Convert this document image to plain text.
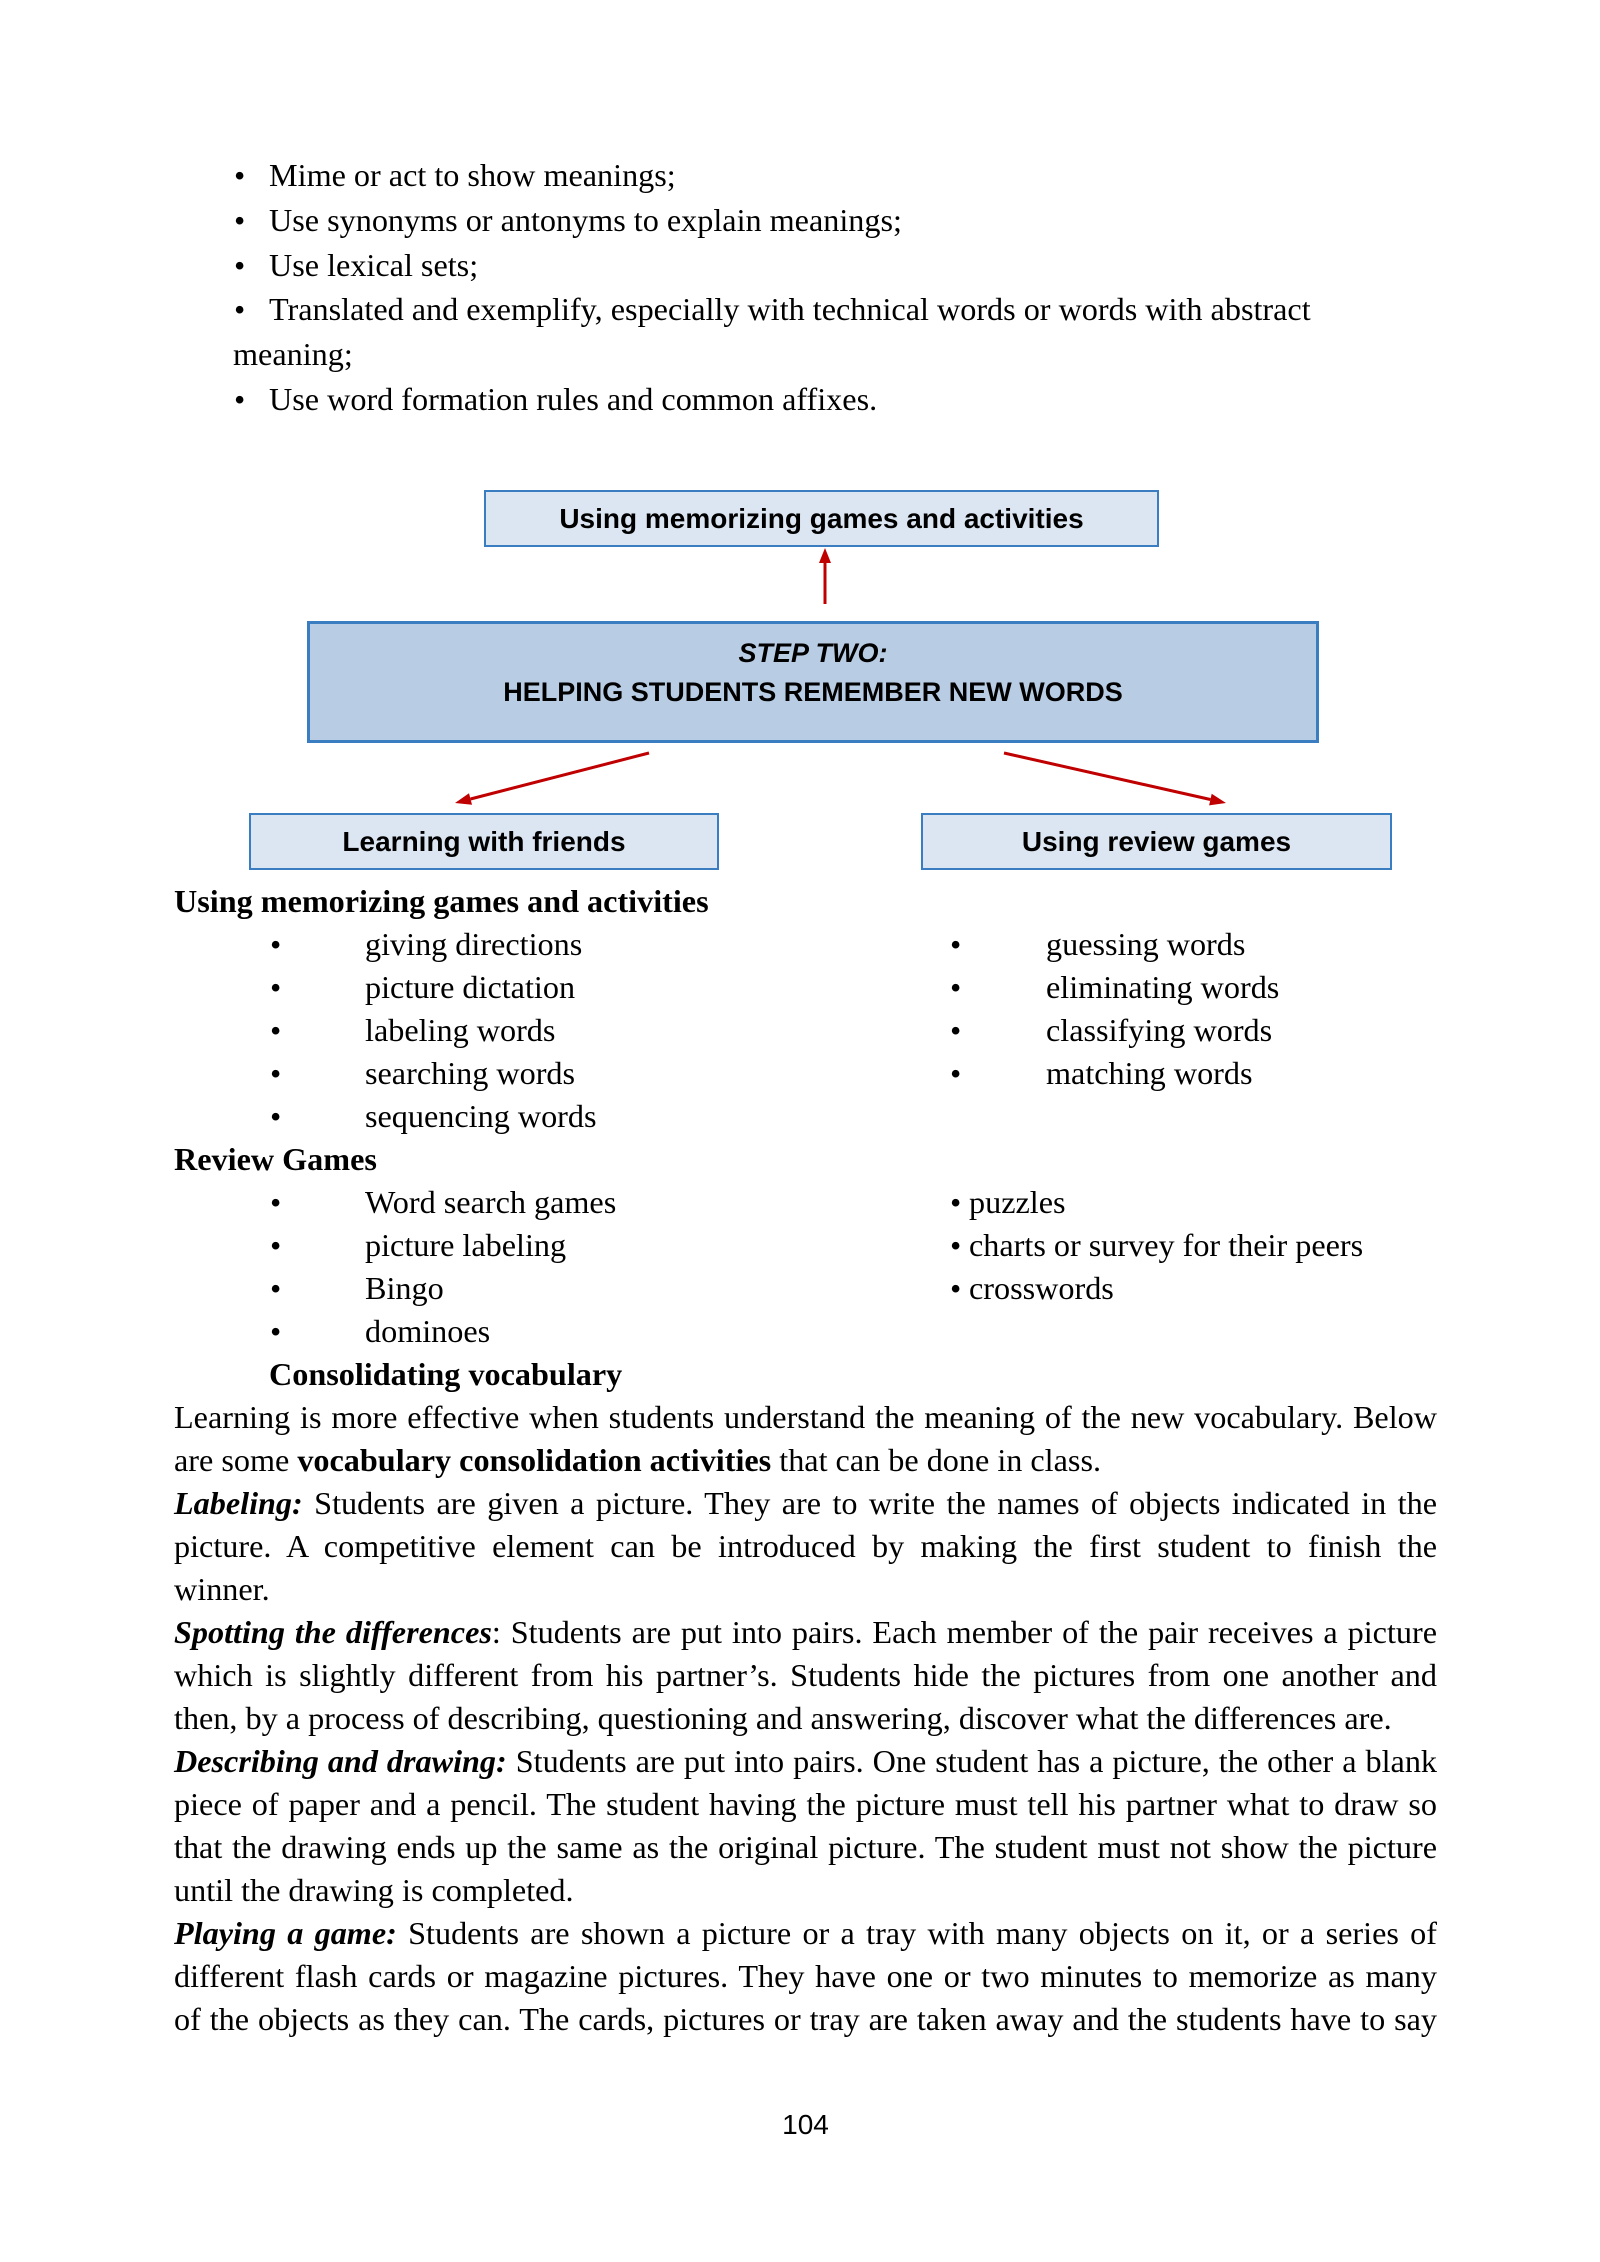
• Mime or act to show meanings;
• Use synonyms or antonyms to explain meanings;
• Use lexical sets;
• Translated and exemplify, especially with technical words or words with abstract
meaning;
• Use word formation rules and common affixes.
Using memorizing games and activities
STEP TWO:
HELPING STUDENTS REMEMBER NEW WORDS
Learning with friends	Using review games
Using memorizing games and activities
•	giving directions	•	guessing words
•	picture dictation	•	eliminating words
•	labeling words	•	classifying words
•	searching words	•	matching words
•	sequencing words
Review Games
•	Word search games	• puzzles
•	picture labeling	• charts or survey for their peers
•	Bingo	• crosswords
•	dominoes
Consolidating vocabulary
Learning is more effective when students understand the meaning of the new vocabulary. Below
are some vocabulary consolidation activities that can be done in class.
Labeling: Students are given a picture. They are to write the names of objects indicated in the
picture. A competitive element can be introduced by making the first student to finish the
winner.
Spotting the differences: Students are put into pairs. Each member of the pair receives a picture
which is slightly different from his partner’s. Students hide the pictures from one another and
then, by a process of describing, questioning and answering, discover what the differences are.
Describing and drawing: Students are put into pairs. One student has a picture, the other a blank
piece of paper and a pencil. The student having the picture must tell his partner what to draw so
that the drawing ends up the same as the original picture. The student must not show the picture
until the drawing is completed.
Playing a game: Students are shown a picture or a tray with many objects on it, or a series of
different flash cards or magazine pictures. They have one or two minutes to memorize as many
of the objects as they can. The cards, pictures or tray are taken away and the students have to say
104
